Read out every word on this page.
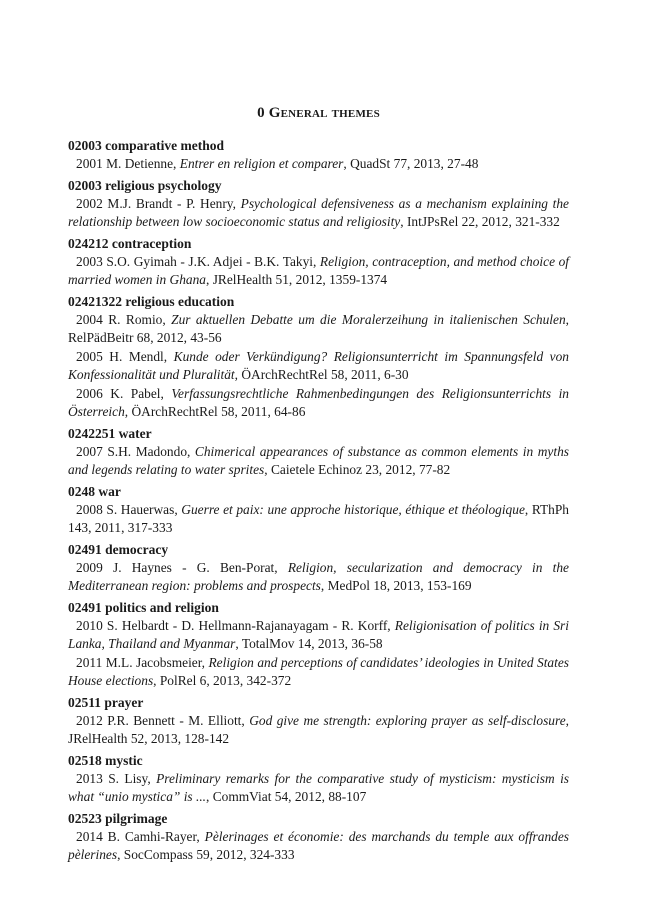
0 General themes
02003 comparative method

2001 M. Detienne, Entrer en religion et comparer, QuadSt 77, 2013, 27-48

02003 religious psychology

2002 M.J. Brandt - P. Henry, Psychological defensiveness as a mechanism explaining the relationship between low socioeconomic status and religiosity, IntJPsRel 22, 2012, 321-332

024212 contraception

2003 S.O. Gyimah - J.K. Adjei - B.K. Takyi, Religion, contraception, and method choice of married women in Ghana, JRelHealth 51, 2012, 1359-1374

02421322 religious education

2004 R. Romio, Zur aktuellen Debatte um die Moralerzeihung in italienischen Schulen, RelPädBeitr 68, 2012, 43-56

2005 H. Mendl, Kunde oder Verkündigung? Religionsunterricht im Spannungsfeld von Konfessionalität und Pluralität, ÖArchRechtRel 58, 2011, 6-30

2006 K. Pabel, Verfassungsrechtliche Rahmenbedingungen des Religionsunterrichts in Österreich, ÖArchRechtRel 58, 2011, 64-86

0242251 water

2007 S.H. Madondo, Chimerical appearances of substance as common elements in myths and legends relating to water sprites, Caietele Echinoz 23, 2012, 77-82

0248 war

2008 S. Hauerwas, Guerre et paix: une approche historique, éthique et théologique, RThPh 143, 2011, 317-333

02491 democracy

2009 J. Haynes - G. Ben-Porat, Religion, secularization and democracy in the Mediterranean region: problems and prospects, MedPol 18, 2013, 153-169

02491 politics and religion

2010 S. Helbardt - D. Hellmann-Rajanayagam - R. Korff, Religionisation of politics in Sri Lanka, Thailand and Myanmar, TotalMov 14, 2013, 36-58

2011 M.L. Jacobsmeier, Religion and perceptions of candidates’ ideologies in United States House elections, PolRel 6, 2013, 342-372

02511 prayer

2012 P.R. Bennett - M. Elliott, God give me strength: exploring prayer as self-disclosure, JRelHealth 52, 2013, 128-142

02518 mystic

2013 S. Lisy, Preliminary remarks for the comparative study of mysticism: mysticism is what “unio mystica” is ..., CommViat 54, 2012, 88-107

02523 pilgrimage

2014 B. Camhi-Rayer, Pèlerinages et économie: des marchands du temple aux offrandes pèlerines, SocCompass 59, 2012, 324-333
